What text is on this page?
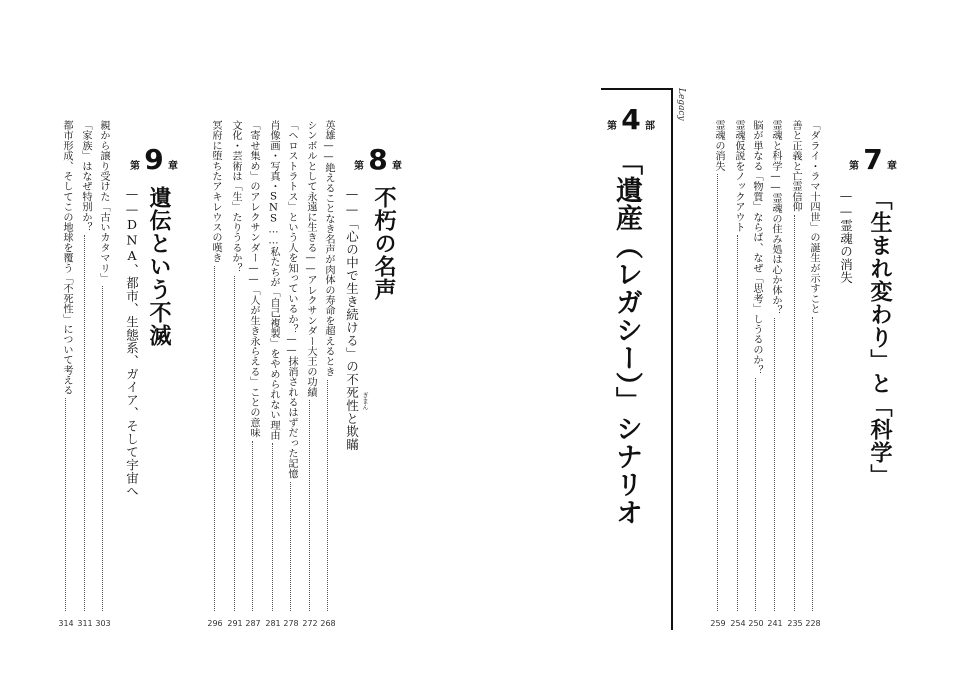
第 7 章
「生まれ変わり」と「科学」
——霊魂の消失
「ダライ・ラマ十四世」の誕生が示すこと
228
善と正義と亡霊信仰
235
霊魂と科学——霊魂の住み処は心か体か？
241
脳が単なる「物質」ならば、なぜ「思考」しうるのか？
250
霊魂仮説をノックアウト
254
霊魂の消失
259
Legacy
第 4 部
「遺産（レガシー）」シナリオ
第 8 章
不朽の名声
——「心の中で生き続ける」の不死性と欺瞞 ぎまん
英雄——絶えることなき名声が肉体の寿命を超えるとき
268
シンボルとして永遠に生きる——アレクサンダー大王の功績
272
「ヘロストラトス」という人を知っているか？——抹消されるはずだった記憶
278
肖像画・写真・SNS……私たちが「自己複製」をやめられない理由
281
「寄せ集め」のアレクサンダー——「人が生き永らえる」ことの意味
287
文化・芸術は「生」たりうるか？
291
冥府に堕ちたアキレウスの嘆き
296
第 9 章
遺伝という不滅
——DNA、都市、生態系、ガイア、そして宇宙へ
親から譲り受けた「古いカタマリ」
303
「家族」はなぜ特別か？
311
都市形成、そしてこの地球を覆う「不死性」について考える
314
